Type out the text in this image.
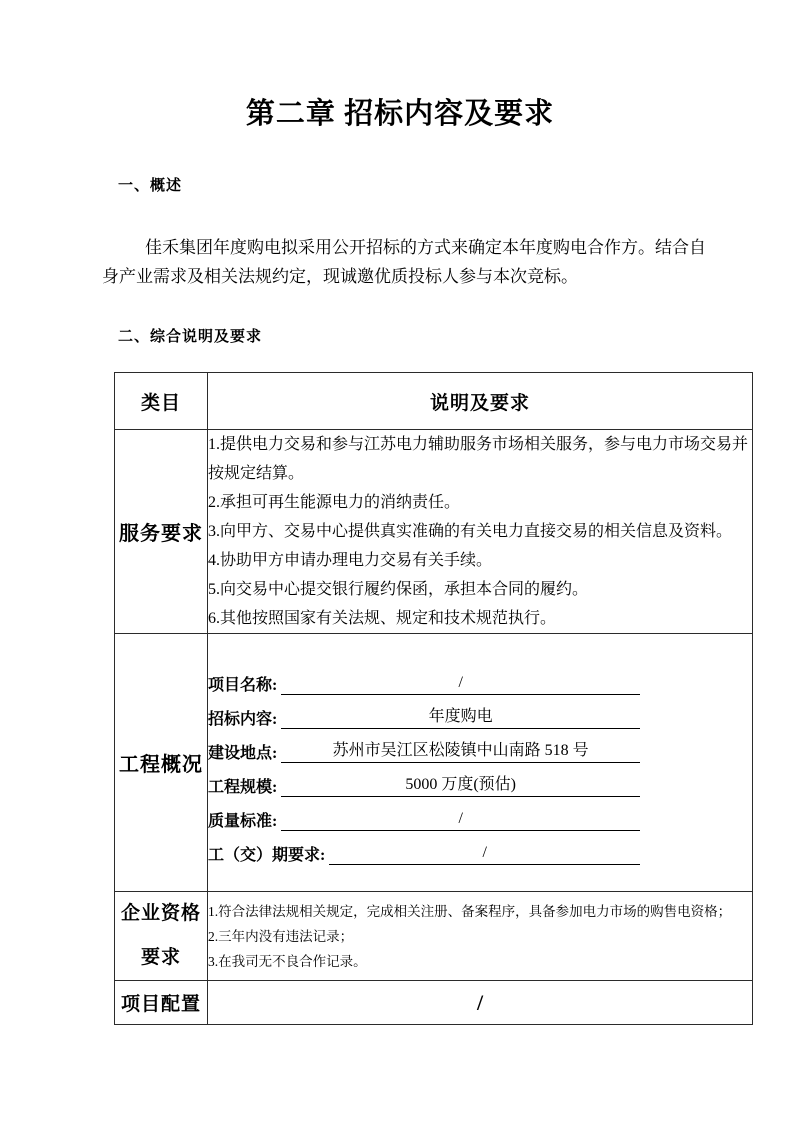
第二章 招标内容及要求
一、概述
佳禾集团年度购电拟采用公开招标的方式来确定本年度购电合作方。结合自
身产业需求及相关法规约定，现诚邀优质投标人参与本次竞标。
二、综合说明及要求
类目	说明及要求
服务要求	
1.提供电力交易和参与江苏电力辅助服务市场相关服务，参与电力市场交易并按规定结算。
2.承担可再生能源电力的消纳责任。
3.向甲方、交易中心提供真实准确的有关电力直接交易的相关信息及资料。
4.协助甲方申请办理电力交易有关手续。
5.向交易中心提交银行履约保函，承担本合同的履约。
6.其他按照国家有关法规、规定和技术规范执行。

工程概况	
项目名称:	/
招标内容:	年度购电
建设地点:	苏州市吴江区松陵镇中山南路 518 号
工程规模:	5000 万度(预估)
质量标准:	/
工（交）期要求:	/

企业资格要求	1.符合法律法规相关规定，完成相关注册、备案程序，具备参加电力市场的购售电资格；
2.三年内没有违法记录；
3.在我司无不良合作记录。

项目配置	/
